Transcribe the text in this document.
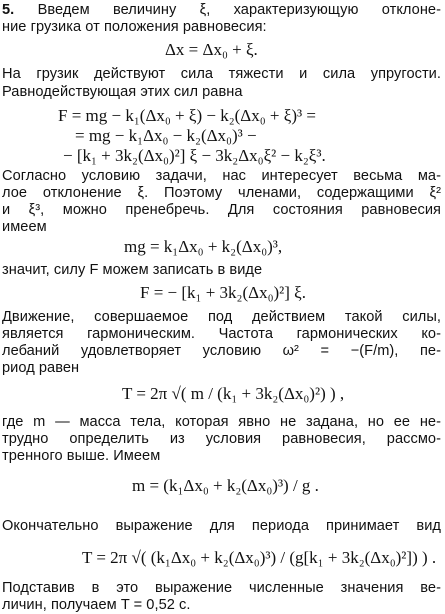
5. Введем величину ξ, характеризующую отклоне-
ние грузика от положения равновесия:
Δx = Δx₀ + ξ.
На грузик действуют сила тяжести и сила упругости.
Равнодействующая этих сил равна
F = mg − k₁(Δx₀ + ξ) − k₂(Δx₀ + ξ)³ =
= mg − k₁Δx₀ − k₂(Δx₀)³ −
− [k₁ + 3k₂(Δx₀)²] ξ − 3k₂Δx₀ξ² − k₂ξ³.
Согласно условию задачи, нас интересует весьма ма-
лое отклонение ξ. Поэтому членами, содержащими ξ²
и ξ³, можно пренебречь. Для состояния равновесия
имеем
mg = k₁Δx₀ + k₂(Δx₀)³,
значит, силу F можем записать в виде
F = − [k₁ + 3k₂(Δx₀)²] ξ.
Движение, совершаемое под действием такой силы,
является гармоническим. Частота гармонических ко-
лебаний удовлетворяет условию ω² = −(F/m), пе-
риод равен
T = 2π √( m / (k₁ + 3k₂(Δx₀)²) ) ,
где m — масса тела, которая явно не задана, но ее не-
трудно определить из условия равновесия, рассмо-
тренного выше. Имеем
m = (k₁Δx₀ + k₂(Δx₀)³) / g .
Окончательно выражение для периода принимает вид
T = 2π √( (k₁Δx₀ + k₂(Δx₀)³) / (g[k₁ + 3k₂(Δx₀)²]) ) .
Подставив в это выражение численные значения ве-
личин, получаем T = 0,52 с.
